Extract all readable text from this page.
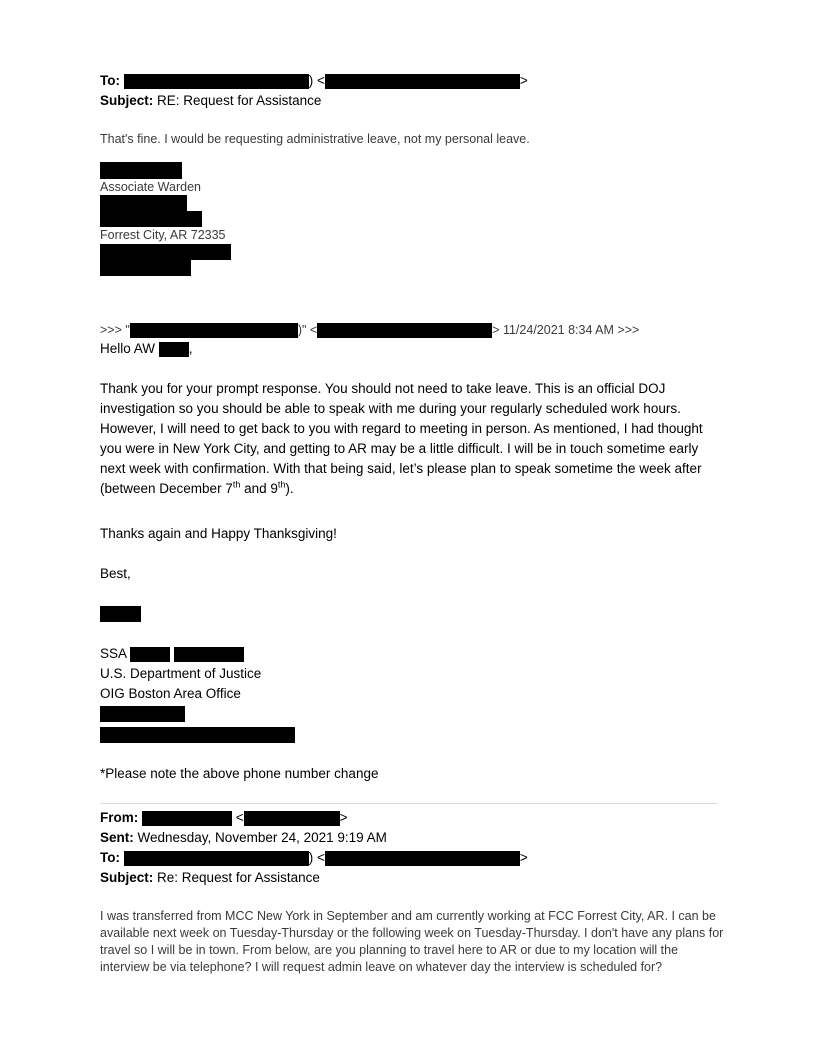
To:	) <	>
Subject: RE: Request for Assistance
That's fine. I would be requesting administrative leave, not my personal leave.
Associate Warden
Forrest City, AR 72335
>>> "	)" <	> 11/24/2021 8:34 AM >>>
Hello AW	,
Thank you for your prompt response. You should not need to take leave. This is an official DOJ investigation so you should be able to speak with me during your regularly scheduled work hours. However, I will need to get back to you with regard to meeting in person. As mentioned, I had thought you were in New York City, and getting to AR may be a little difficult. I will be in touch sometime early next week with confirmation. With that being said, let’s please plan to speak sometime the week after (between December 7th and 9th).
Thanks again and Happy Thanksgiving!
Best,
SSA
U.S. Department of Justice
OIG Boston Area Office
*Please note the above phone number change
From:	<	>
Sent: Wednesday, November 24, 2021 9:19 AM
To:	) <	>
Subject: Re: Request for Assistance
I was transferred from MCC New York in September and am currently working at FCC Forrest City, AR. I can be available next week on Tuesday-Thursday or the following week on Tuesday-Thursday. I don't have any plans for travel so I will be in town. From below, are you planning to travel here to AR or due to my location will the interview be via telephone? I will request admin leave on whatever day the interview is scheduled for?
